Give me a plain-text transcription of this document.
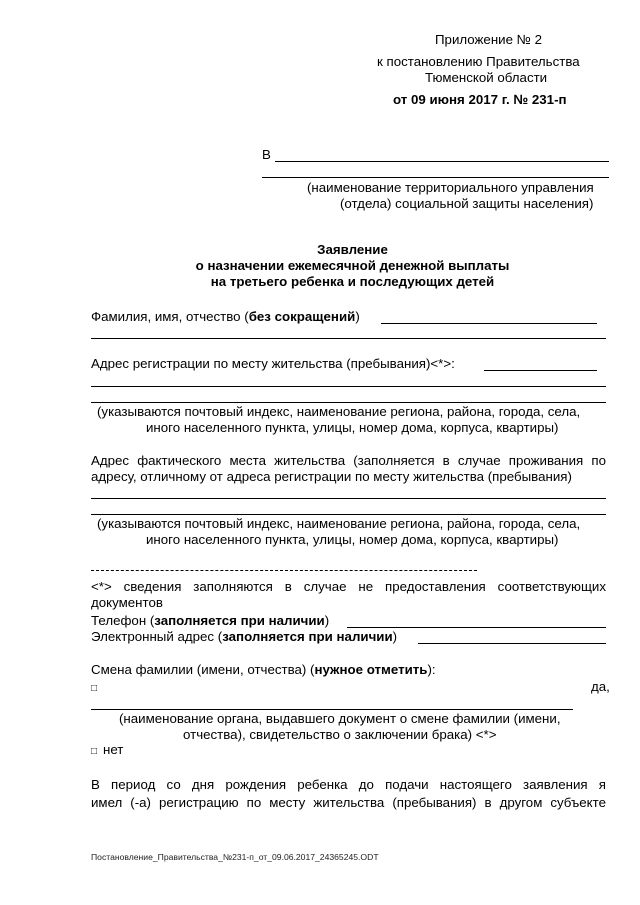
Приложение № 2
к постановлению Правительства
Тюменской области
от 09 июня 2017 г. № 231-п
В
(наименование территориального управления
(отдела) социальной защиты населения)
Заявление
о назначении ежемесячной денежной выплаты
на третьего ребенка и последующих детей
Фамилия, имя, отчество (без сокращений)
Адрес регистрации по месту жительства (пребывания)<*>:
(указываются почтовый индекс, наименование региона, района, города, села,
иного населенного пункта, улицы, номер дома, корпуса, квартиры)
Адрес фактического места жительства (заполняется в случае проживания по
адресу, отличному от адреса регистрации по месту жительства (пребывания)
(указываются почтовый индекс, наименование региона, района, города, села,
иного населенного пункта, улицы, номер дома, корпуса, квартиры)
<*> сведения заполняются в случае не предоставления соответствующих
документов
Телефон (заполняется при наличии)
Электронный адрес (заполняется при наличии)
Смена фамилии (имени, отчества) (нужное отметить):
□	да,
(наименование органа, выдавшего документ о смене фамилии (имени,
отчества), свидетельство о заключении брака) <*>
□ нет
В период со дня рождения ребенка до подачи настоящего заявления я
имел (-а) регистрацию по месту жительства (пребывания) в другом субъекте
Постановление_Правительства_№231-п_от_09.06.2017_24365245.ODT
